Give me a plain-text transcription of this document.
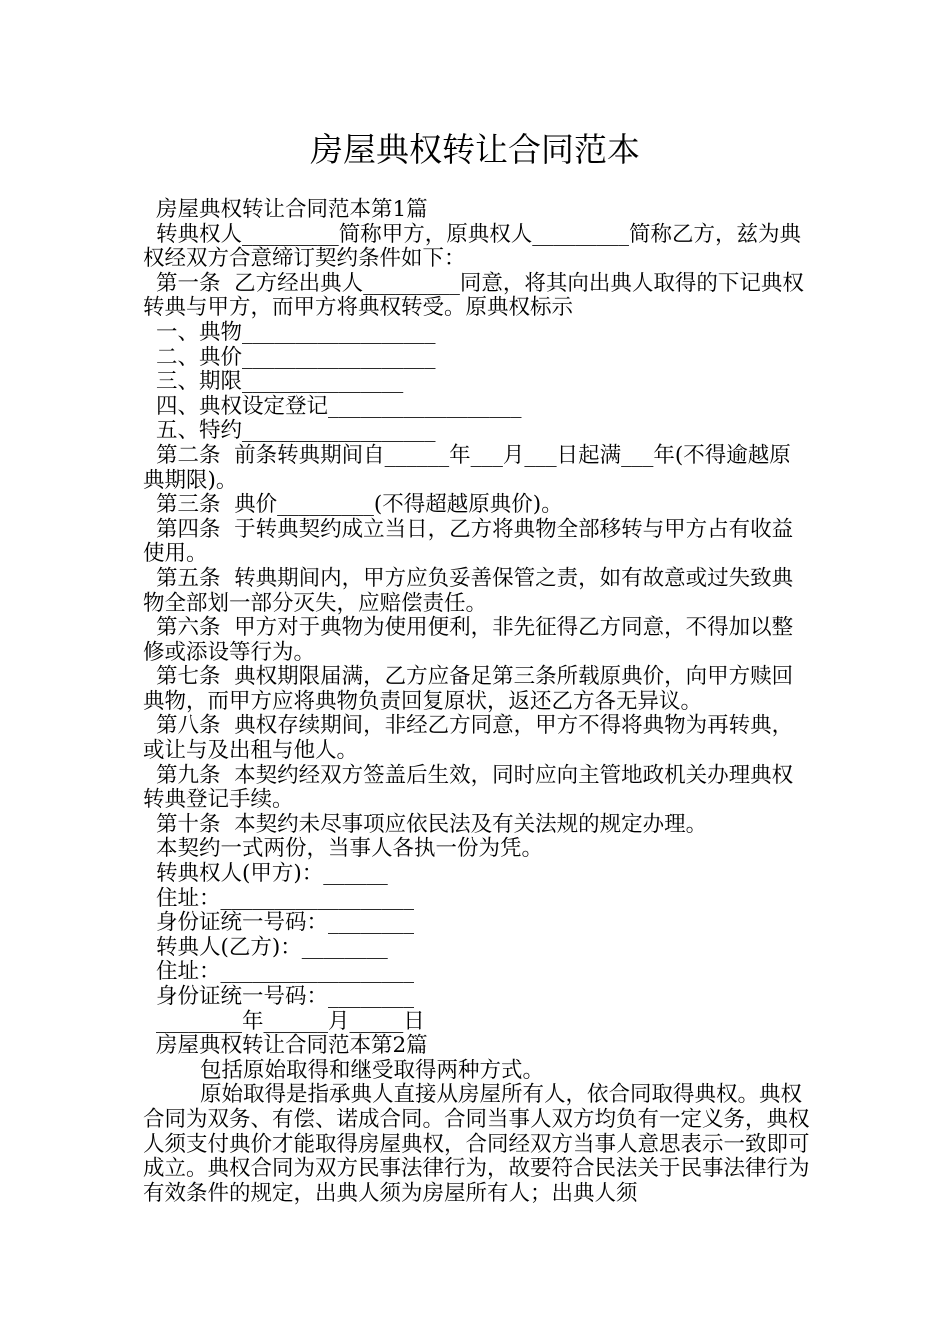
房屋典权转让合同范本

房屋典权转让合同范本第1篇

转典权人_________简称甲方，原典权人_________简称乙方，兹为典权经双方合意缔订契约条件如下：

第一条  乙方经出典人_________同意，将其向出典人取得的下记典权转典与甲方，而甲方将典权转受。原典权标示

一、典物__________________

二、典价__________________

三、期限_______________

四、典权设定登记__________________

五、特约__________________

第二条  前条转典期间自______年___月___日起满___年(不得逾越原典期限)。

第三条  典价_________(不得超越原典价)。

第四条  于转典契约成立当日，乙方将典物全部移转与甲方占有收益使用。

第五条  转典期间内，甲方应负妥善保管之责，如有故意或过失致典物全部划一部分灭失，应赔偿责任。

第六条  甲方对于典物为使用便利，非先征得乙方同意，不得加以整修或添设等行为。

第七条  典权期限届满，乙方应备足第三条所载原典价，向甲方赎回典物，而甲方应将典物负责回复原状，返还乙方各无异议。

第八条  典权存续期间，非经乙方同意，甲方不得将典物为再转典，或让与及出租与他人。

第九条  本契约经双方签盖后生效，同时应向主管地政机关办理典权转典登记手续。

第十条  本契约未尽事项应依民法及有关法规的规定办理。

本契约一式两份，当事人各执一份为凭。

转典权人(甲方)：______

住址：__________________

身份证统一号码：________

转典人(乙方)：________

住址：__________________

身份证统一号码：________

________年______月_____日

房屋典权转让合同范本第2篇

包括原始取得和继受取得两种方式。

原始取得是指承典人直接从房屋所有人，依合同取得典权。典权合同为双务、有偿、诺成合同。合同当事人双方均负有一定义务，典权人须支付典价才能取得房屋典权，合同经双方当事人意思表示一致即可成立。典权合同为双方民事法律行为，故要符合民法关于民事法律行为有效条件的规定，出典人须为房屋所有人；出典人须
